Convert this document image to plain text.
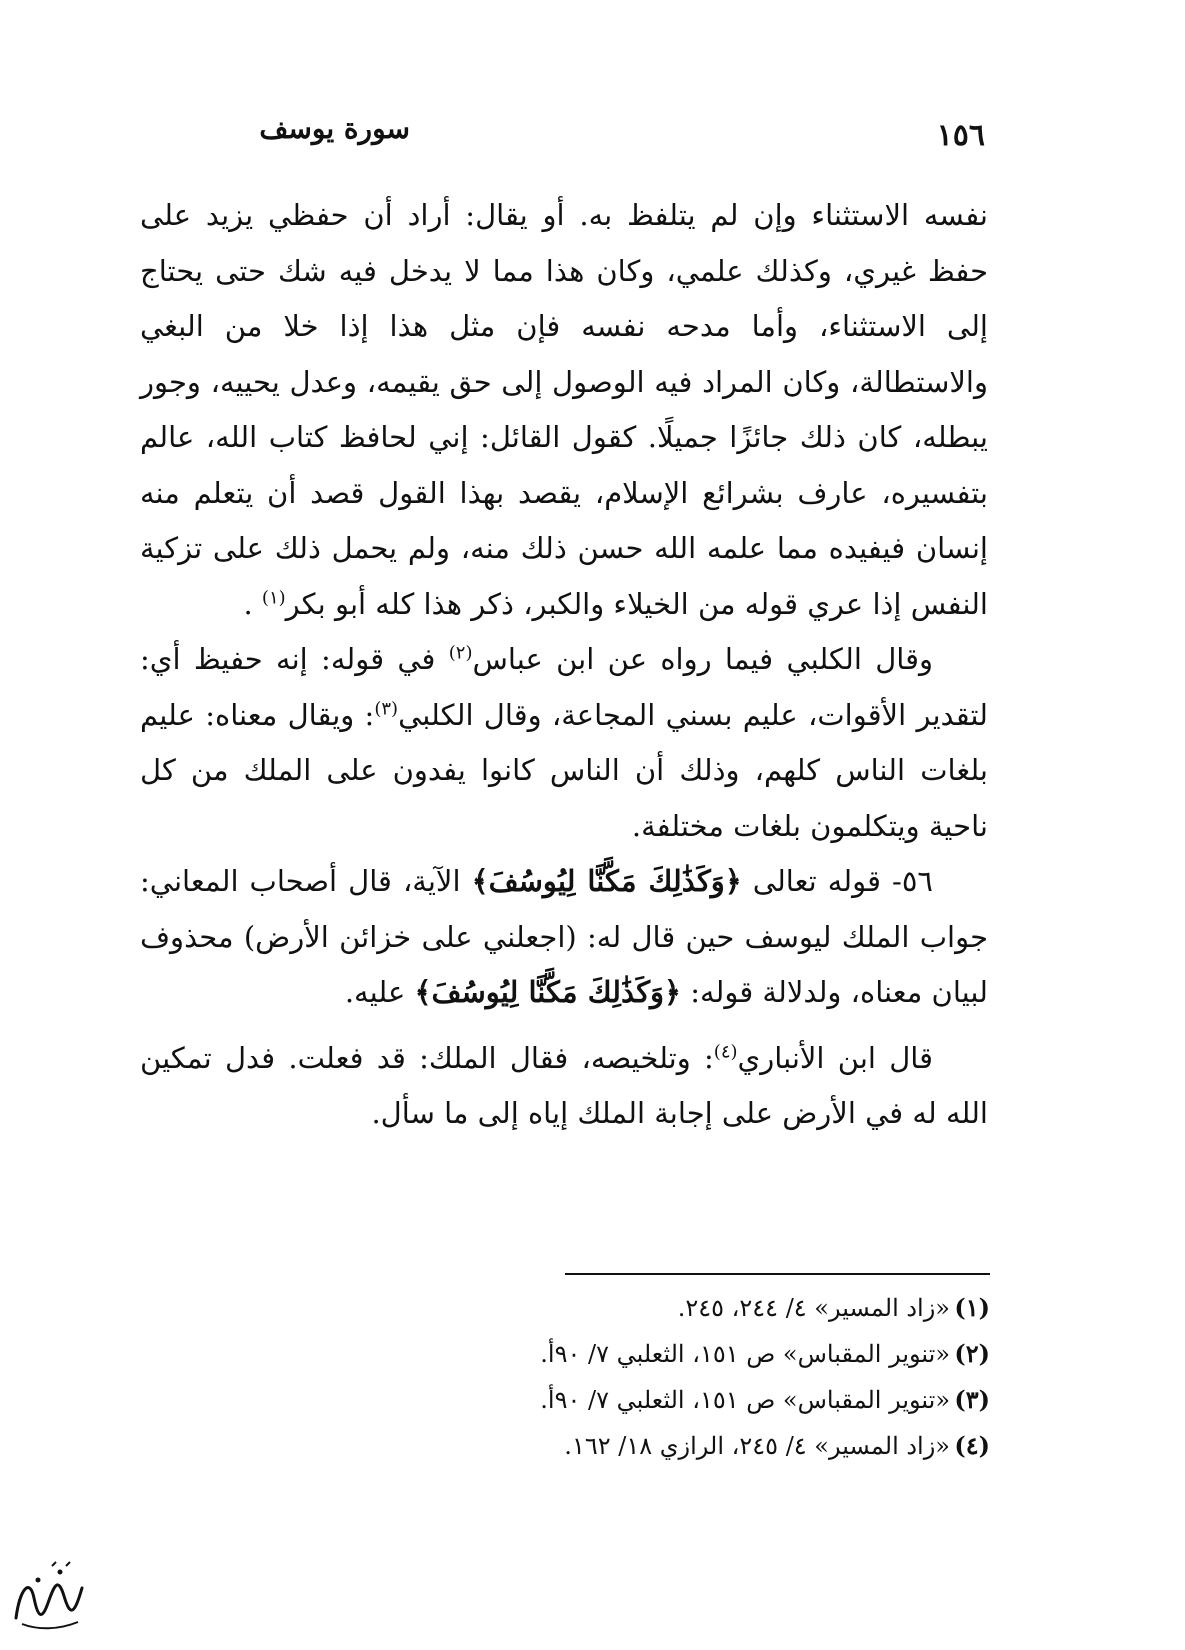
سورة يوسف	١٥٦

نفسه الاستثناء وإن لم يتلفظ به. أو يقال: أراد أن حفظي يزيد على حفظ غيري، وكذلك علمي، وكان هذا مما لا يدخل فيه شك حتى يحتاج إلى الاستثناء، وأما مدحه نفسه فإن مثل هذا إذا خلا من البغي والاستطالة، وكان المراد فيه الوصول إلى حق يقيمه، وعدل يحييه، وجور يبطله، كان ذلك جائزًا جميلًا. كقول القائل: إني لحافظ كتاب الله، عالم بتفسيره، عارف بشرائع الإسلام، يقصد بهذا القول قصد أن يتعلم منه إنسان فيفيده مما علمه الله حسن ذلك منه، ولم يحمل ذلك على تزكية النفس إذا عري قوله من الخيلاء والكبر، ذكر هذا كله أبو بكر$^{(١)}$ .

وقال الكلبي فيما رواه عن ابن عباس$^{(٢)}$ في قوله: إنه حفيظ أي: لتقدير الأقوات، عليم بسني المجاعة، وقال الكلبي$^{(٣)}$: ويقال معناه: عليم بلغات الناس كلهم، وذلك أن الناس كانوا يفدون على الملك من كل ناحية ويتكلمون بلغات مختلفة.

٥٦- قوله تعالى ﴿وَكَذَٰلِكَ مَكَّنَّا لِيُوسُفَ﴾ الآية، قال أصحاب المعاني: جواب الملك ليوسف حين قال له: (اجعلني على خزائن الأرض) محذوف لبيان معناه، ولدلالة قوله: ﴿وَكَذَٰلِكَ مَكَّنَّا لِيُوسُفَ﴾ عليه.

قال ابن الأنباري$^{(٤)}$: وتلخيصه، فقال الملك: قد فعلت. فدل تمكين الله له في الأرض على إجابة الملك إياه إلى ما سأل.

(١)«زاد المسير» ٤/ ٢٤٤، ٢٤٥.
(٢)«تنوير المقباس» ص ١٥١، الثعلبي ٧/ ٩٠أ.
(٣)«تنوير المقباس» ص ١٥١، الثعلبي ٧/ ٩٠أ.
(٤)«زاد المسير» ٤/ ٢٤٥، الرازي ١٨/ ١٦٢.
